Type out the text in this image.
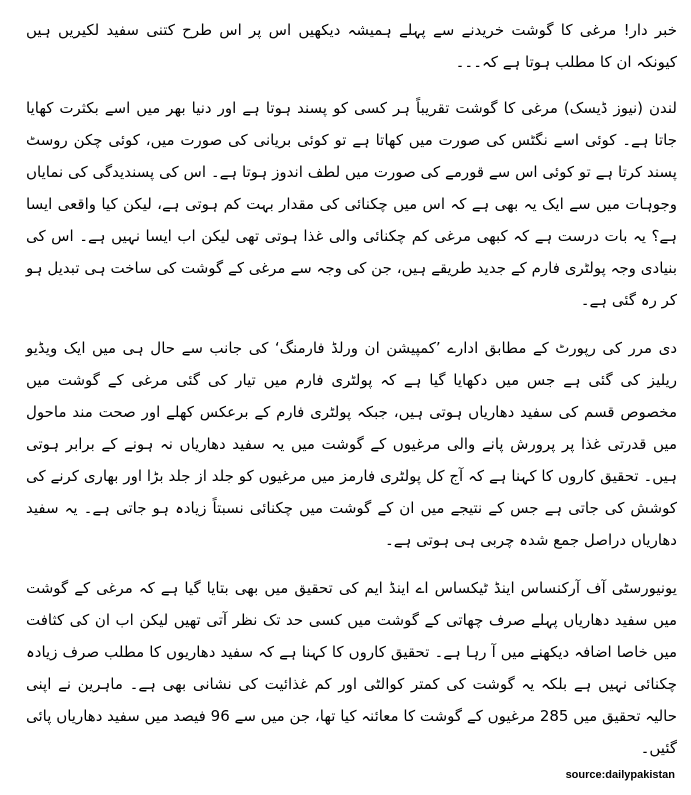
خبر دار! مرغی کا گوشت خریدنے سے پہلے ہمیشہ دیکھیں اس پر اس طرح کتنی سفید لکیریں ہیں کیونکہ ان کا مطلب ہوتا ہے کہ۔۔۔

لندن (نیوز ڈیسک) مرغی کا گوشت تقریباً ہر کسی کو پسند ہوتا ہے اور دنیا بھر میں اسے بکثرت کھایا جاتا ہے۔ کوئی اسے نگٹس کی صورت میں کھاتا ہے تو کوئی بریانی کی صورت میں، کوئی چکن روسٹ پسند کرتا ہے تو کوئی اس سے قورمے کی صورت میں لطف اندوز ہوتا ہے۔ اس کی پسندیدگی کی نمایاں وجوہات میں سے ایک یہ بھی ہے کہ اس میں چکنائی کی مقدار بہت کم ہوتی ہے، لیکن کیا واقعی ایسا ہے؟ یہ بات درست ہے کہ کبھی مرغی کم چکنائی والی غذا ہوتی تھی لیکن اب ایسا نہیں ہے۔ اس کی بنیادی وجہ پولٹری فارم کے جدید طریقے ہیں، جن کی وجہ سے مرغی کے گوشت کی ساخت ہی تبدیل ہو کر رہ گئی ہے۔

دی مرر کی رپورٹ کے مطابق ادارے ’کمپیشن ان ورلڈ فارمنگ‘ کی جانب سے حال ہی میں ایک ویڈیو ریلیز کی گئی ہے جس میں دکھایا گیا ہے کہ پولٹری فارم میں تیار کی گئی مرغی کے گوشت میں مخصوص قسم کی سفید دھاریاں ہوتی ہیں، جبکہ پولٹری فارم کے برعکس کھلے اور صحت مند ماحول میں قدرتی غذا پر پرورش پانے والی مرغیوں کے گوشت میں یہ سفید دھاریاں نہ ہونے کے برابر ہوتی ہیں۔ تحقیق کاروں کا کہنا ہے کہ آج کل پولٹری فارمز میں مرغیوں کو جلد از جلد بڑا اور بھاری کرنے کی کوشش کی جاتی ہے جس کے نتیجے میں ان کے گوشت میں چکنائی نسبتاً زیادہ ہو جاتی ہے۔ یہ سفید دھاریاں دراصل جمع شدہ چربی ہی ہوتی ہے۔

یونیورسٹی آف آرکنساس اینڈ ٹیکساس اے اینڈ ایم کی تحقیق میں بھی بتایا گیا ہے کہ مرغی کے گوشت میں سفید دھاریاں پہلے صرف چھاتی کے گوشت میں کسی حد تک نظر آتی تھیں لیکن اب ان کی کثافت میں خاصا اضافہ دیکھنے میں آ رہا ہے۔ تحقیق کاروں کا کہنا ہے کہ سفید دھاریوں کا مطلب صرف زیادہ چکنائی نہیں ہے بلکہ یہ گوشت کی کمتر کوالٹی اور کم غذائیت کی نشانی بھی ہے۔ ماہرین نے اپنی حالیہ تحقیق میں 285 مرغیوں کے گوشت کا معائنہ کیا تھا، جن میں سے 96 فیصد میں سفید دھاریاں پائی گئیں۔

source:dailypakistan
